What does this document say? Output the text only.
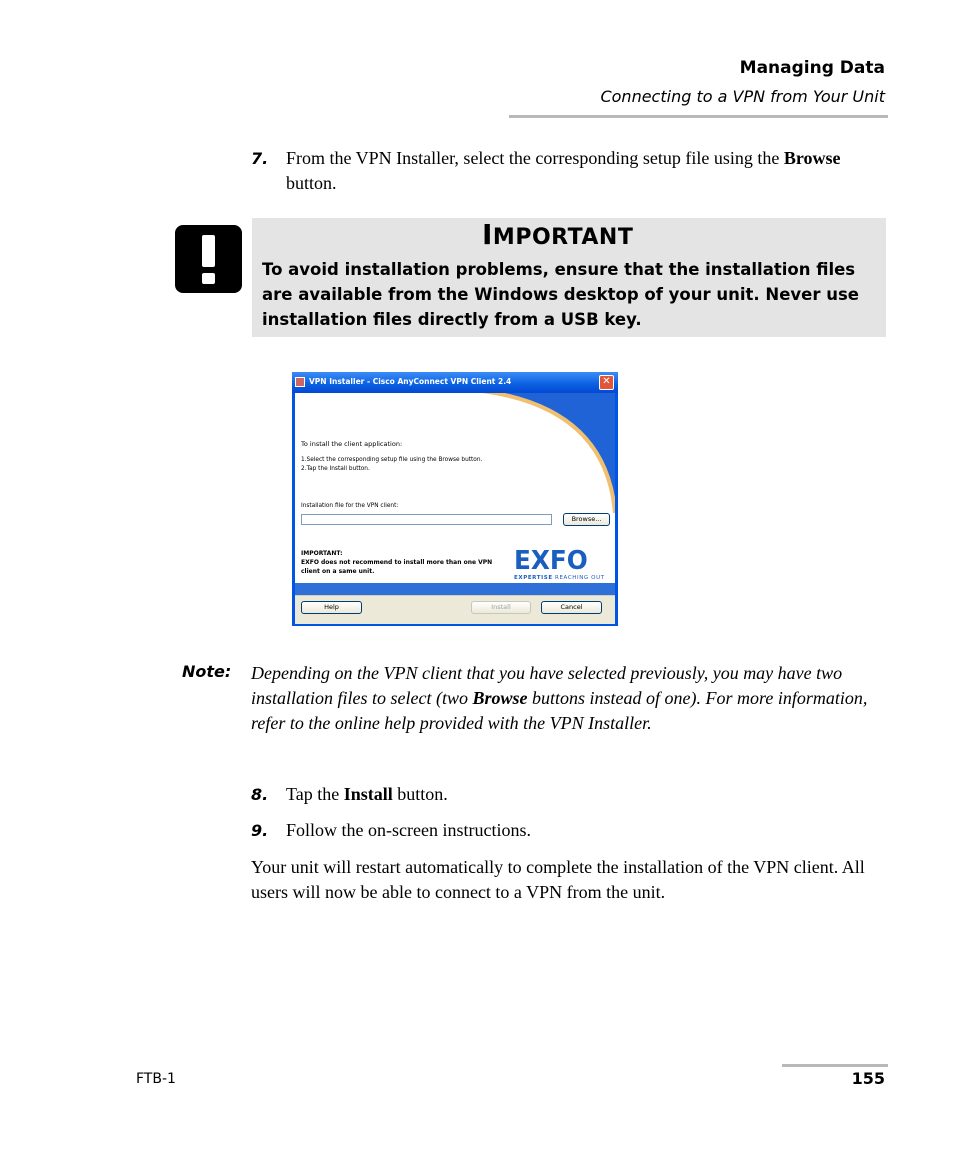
Managing Data
Connecting to a VPN from Your Unit
7. From the VPN Installer, select the corresponding setup file using the Browse button.
IMPORTANT
To avoid installation problems, ensure that the installation files are available from the Windows desktop of your unit. Never use installation files directly from a USB key.
VPN Installer - Cisco AnyConnect VPN Client 2.4	✕
To install the client application:
1.Select the corresponding setup file using the Browse button.
2.Tap the Install button.
Installation file for the VPN client:
Browse...
IMPORTANT:
EXFO does not recommend to install more than one VPN
client on a same unit.	EXFO
EXPERTISE REACHING OUT
Help	Install	Cancel
Note: Depending on the VPN client that you have selected previously, you may have two installation files to select (two Browse buttons instead of one). For more information, refer to the online help provided with the VPN Installer.
8. Tap the Install button.
9. Follow the on-screen instructions.
Your unit will restart automatically to complete the installation of the VPN client. All users will now be able to connect to a VPN from the unit.
FTB-1	155
